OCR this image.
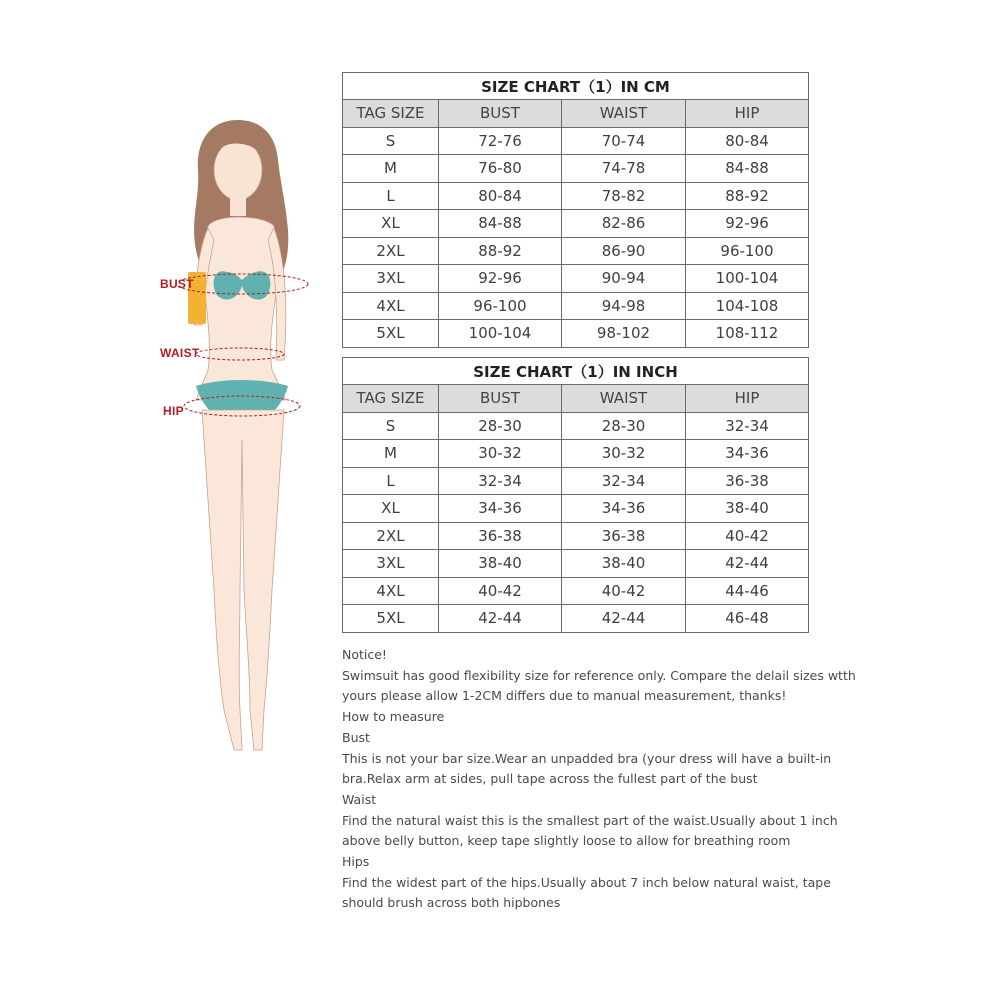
BUST
WAIST
HIP
SIZE CHART（1）IN CM			
TAG SIZE	BUST	WAIST	HIP
S	72-76	70-74	80-84
M	76-80	74-78	84-88
L	80-84	78-82	88-92
XL	84-88	82-86	92-96
2XL	88-92	86-90	96-100
3XL	92-96	90-94	100-104
4XL	96-100	94-98	104-108
5XL	100-104	98-102	108-112
SIZE CHART（1）IN INCH			
TAG SIZE	BUST	WAIST	HIP
S	28-30	28-30	32-34
M	30-32	30-32	34-36
L	32-34	32-34	36-38
XL	34-36	34-36	38-40
2XL	36-38	36-38	40-42
3XL	38-40	38-40	42-44
4XL	40-42	40-42	44-46
5XL	42-44	42-44	46-48

Notice!

Swimsuit has good flexibility size for reference only. Compare the delail sizes wtth

yours please allow 1-2CM differs due to manual measurement, thanks!

How to measure

Bust

This is not your bar size.Wear an unpadded bra (your dress will have a built-in

bra.Relax arm at sides, pull tape across the fullest part of the bust

Waist

Find the natural waist this is the smallest part of the waist.Usually about 1 inch

above belly button, keep tape slightly loose to allow for breathing room

Hips

Find the widest part of the hips.Usually about 7 inch below natural waist, tape

should brush across both hipbones
